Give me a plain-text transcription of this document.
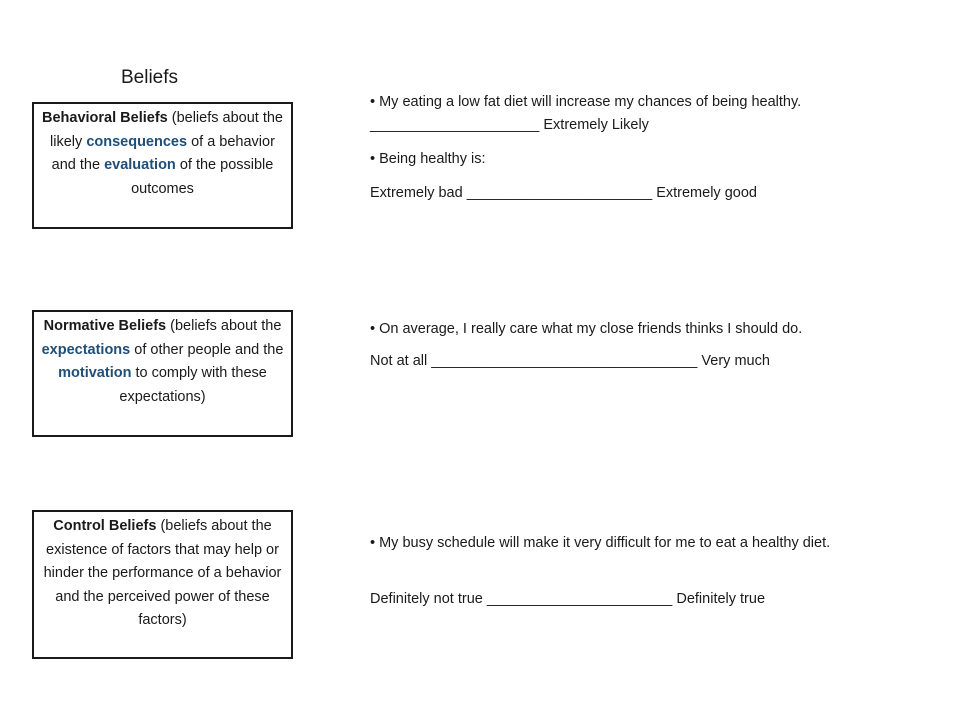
Beliefs
Behavioral Beliefs (beliefs about the likely consequences of a behavior and the evaluation of the possible outcomes
Normative Beliefs (beliefs about the expectations of other people and the motivation to comply with these expectations)
Control Beliefs (beliefs about the existence of factors that may help or hinder the performance of a behavior and the perceived power of these factors)

• My eating a low fat diet will increase my chances of being healthy. _____________________ Extremely Likely

• Being healthy is:

Extremely bad _______________________ Extremely good

• On average, I really care what my close friends thinks I should do.

Not at all _________________________________ Very much

• My busy schedule will make it very difficult for me to eat a healthy diet.

Definitely not true _______________________ Definitely true
